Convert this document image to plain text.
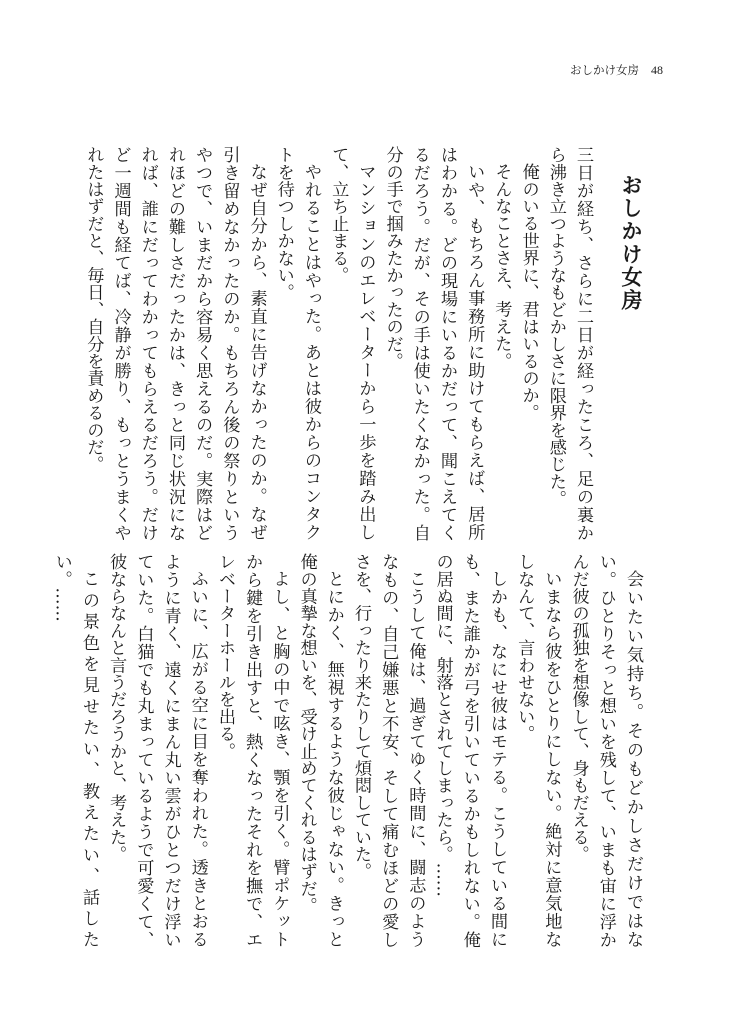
おしかけ女房 48
おしかけ女房

三日が経ち、さらに二日が経ったころ、足の裏から沸き立つようなもどかしさに限界を感じた。

俺のいる世界に、君はいるのか。

そんなことさえ、考えた。

いや、もちろん事務所に助けてもらえば、居所はわかる。どの現場にいるかだって、聞こえてくるだろう。だが、その手は使いたくなかった。自分の手で掴みたかったのだ。

マンションのエレベーターから一歩を踏み出して、立ち止まる。

やれることはやった。あとは彼からのコンタクトを待つしかない。

なぜ自分から、素直に告げなかったのか。なぜ引き留めなかったのか。もちろん後の祭りというやつで、いまだから容易く思えるのだ。実際はどれほどの難しさだったかは、きっと同じ状況になれば、誰にだってわかってもらえるだろう。だけど一週間も経てば、冷静が勝り、もっとうまくやれたはずだと、毎日、自分を責めるのだ。

会いたい気持ち。そのもどかしさだけではない。ひとりそっと想いを残して、いまも宙に浮かんだ彼の孤独を想像して、身もだえる。

いまなら彼をひとりにしない。絶対に意気地なしなんて、言わせない。

しかも、なにせ彼はモテる。こうしている間にも、また誰かが弓を引いているかもしれない。俺の居ぬ間に、射落とされてしまったら。……

こうして俺は、過ぎてゆく時間に、闘志のようなもの、自己嫌悪と不安、そして痛むほどの愛しさを、行ったり来たりして煩悶していた。

とにかく、無視するような彼じゃない。きっと俺の真摯な想いを、受け止めてくれるはずだ。

よし、と胸の中で呟き、顎を引く。臂ポケットから鍵を引き出すと、熱くなったそれを撫で、エレベーターホールを出る。

ふいに、広がる空に目を奪われた。透きとおるように青く、遠くにまん丸い雲がひとつだけ浮いていた。白猫でも丸まっているようで可愛くて、彼ならなんと言うだろうかと、考えた。

この景色を見せたい、教えたい、話したい。……
